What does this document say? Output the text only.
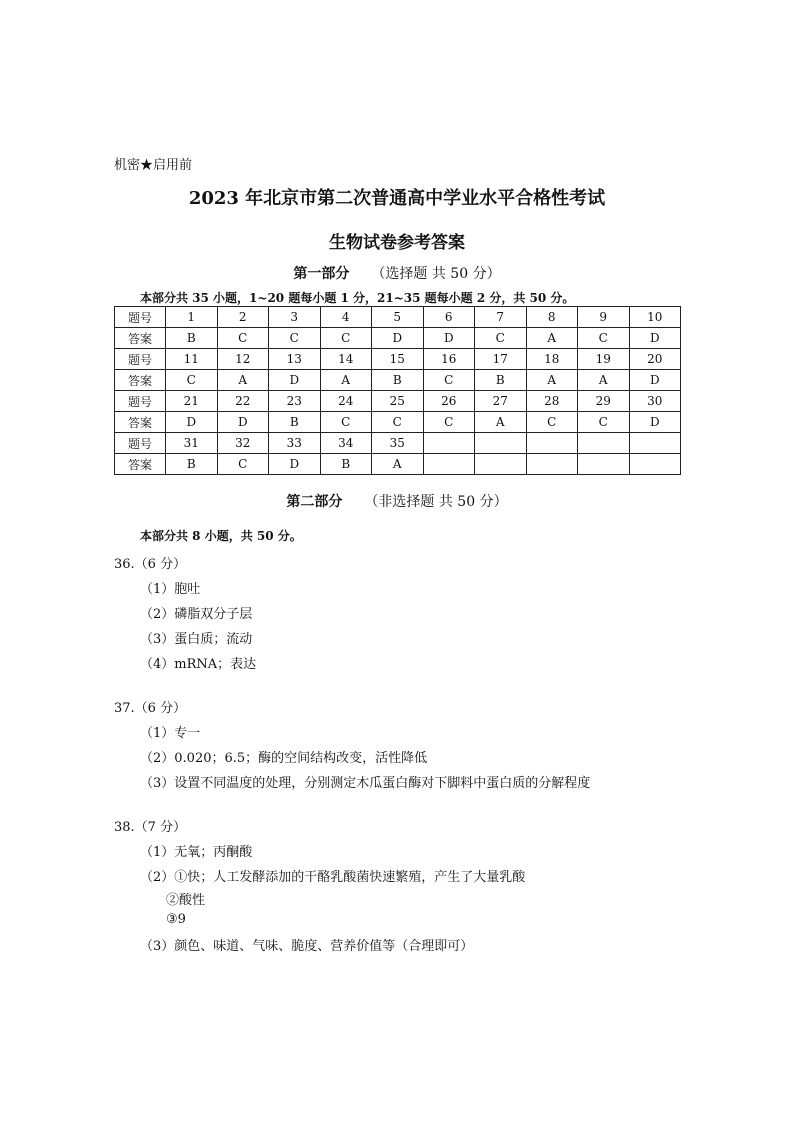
机密★启用前
2023 年北京市第二次普通高中学业水平合格性考试
生物试卷参考答案
第一部分 （选择题 共 50 分）
本部分共 35 小题，1~20 题每小题 1 分，21~35 题每小题 2 分，共 50 分。
题号	1	2	3	4	5	6	7	8	9	10
答案	B	C	C	C	D	D	C	A	C	D
题号	11	12	13	14	15	16	17	18	19	20
答案	C	A	D	A	B	C	B	A	A	D
题号	21	22	23	24	25	26	27	28	29	30
答案	D	D	B	C	C	C	A	C	C	D
题号	31	32	33	34	35					
答案	B	C	D	B	A					
第二部分 （非选择题 共 50 分）
本部分共 8 小题，共 50 分。
36.（6 分）
（1）胞吐
（2）磷脂双分子层
（3）蛋白质；流动
（4）mRNA；表达
37.（6 分）
（1）专一
（2）0.020；6.5；酶的空间结构改变，活性降低
（3）设置不同温度的处理，分别测定木瓜蛋白酶对下脚料中蛋白质的分解程度
38.（7 分）
（1）无氧；丙酮酸
（2）①快；人工发酵添加的干酪乳酸菌快速繁殖，产生了大量乳酸
②酸性
③9
（3）颜色、味道、气味、脆度、营养价值等（合理即可）
